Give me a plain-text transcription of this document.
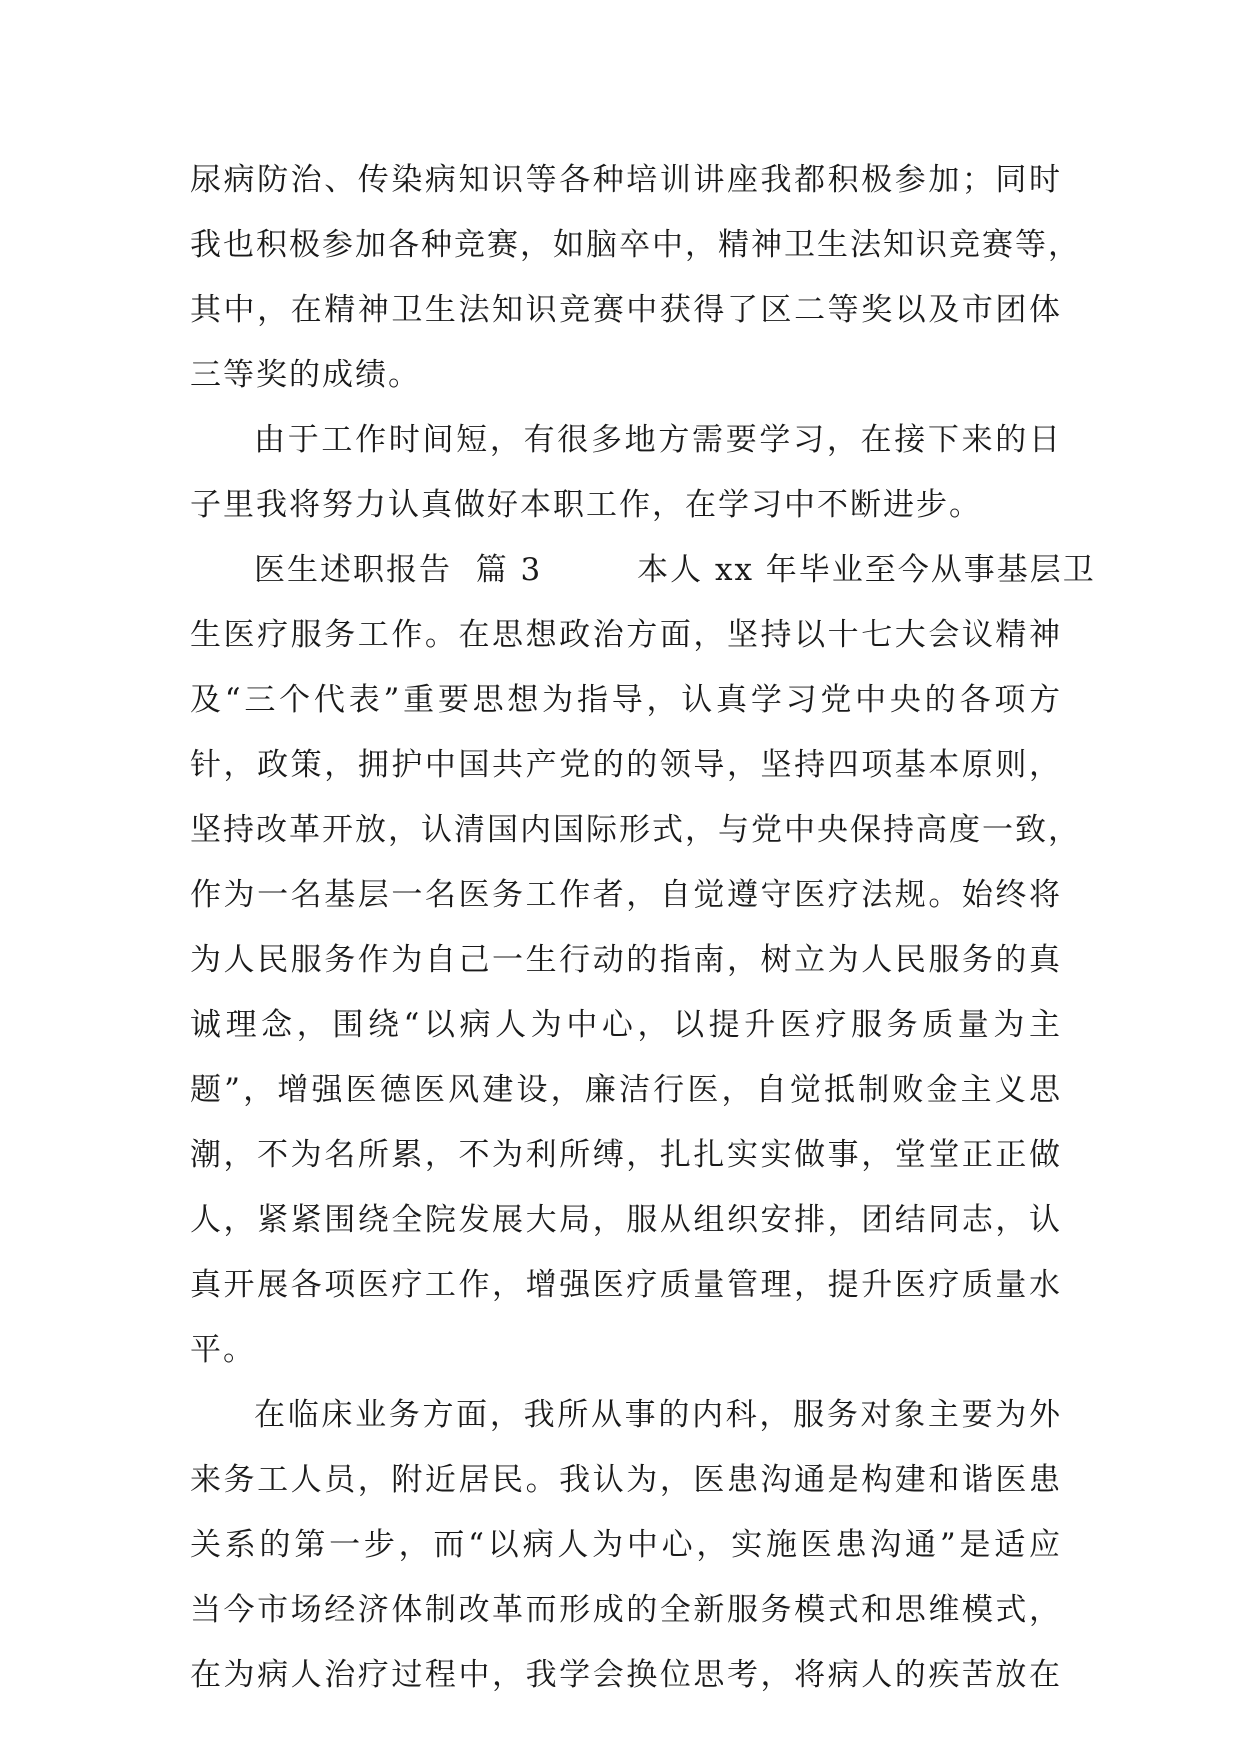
尿病防治、传染病知识等各种培训讲座我都积极参加；同时
我也积极参加各种竞赛，如脑卒中，精神卫生法知识竞赛等，
其中，在精神卫生法知识竞赛中获得了区二等奖以及市团体
三等奖的成绩。
由于工作时间短，有很多地方需要学习，在接下来的日
子里我将努力认真做好本职工作，在学习中不断进步。
医生述职报告  篇 3        本人 xx 年毕业至今从事基层卫
生医疗服务工作。在思想政治方面，坚持以十七大会议精神
及“三个代表”重要思想为指导，认真学习党中央的各项方
针，政策，拥护中国共产党的的领导，坚持四项基本原则，
坚持改革开放，认清国内国际形式，与党中央保持高度一致，
作为一名基层一名医务工作者，自觉遵守医疗法规。始终将
为人民服务作为自己一生行动的指南，树立为人民服务的真
诚理念，围绕“以病人为中心，以提升医疗服务质量为主
题”，增强医德医风建设，廉洁行医，自觉抵制败金主义思
潮，不为名所累，不为利所缚，扎扎实实做事，堂堂正正做
人，紧紧围绕全院发展大局，服从组织安排，团结同志，认
真开展各项医疗工作，增强医疗质量管理，提升医疗质量水
平。
在临床业务方面，我所从事的内科，服务对象主要为外
来务工人员，附近居民。我认为，医患沟通是构建和谐医患
关系的第一步，而“以病人为中心，实施医患沟通”是适应
当今市场经济体制改革而形成的全新服务模式和思维模式，
在为病人治疗过程中，我学会换位思考，将病人的疾苦放在
